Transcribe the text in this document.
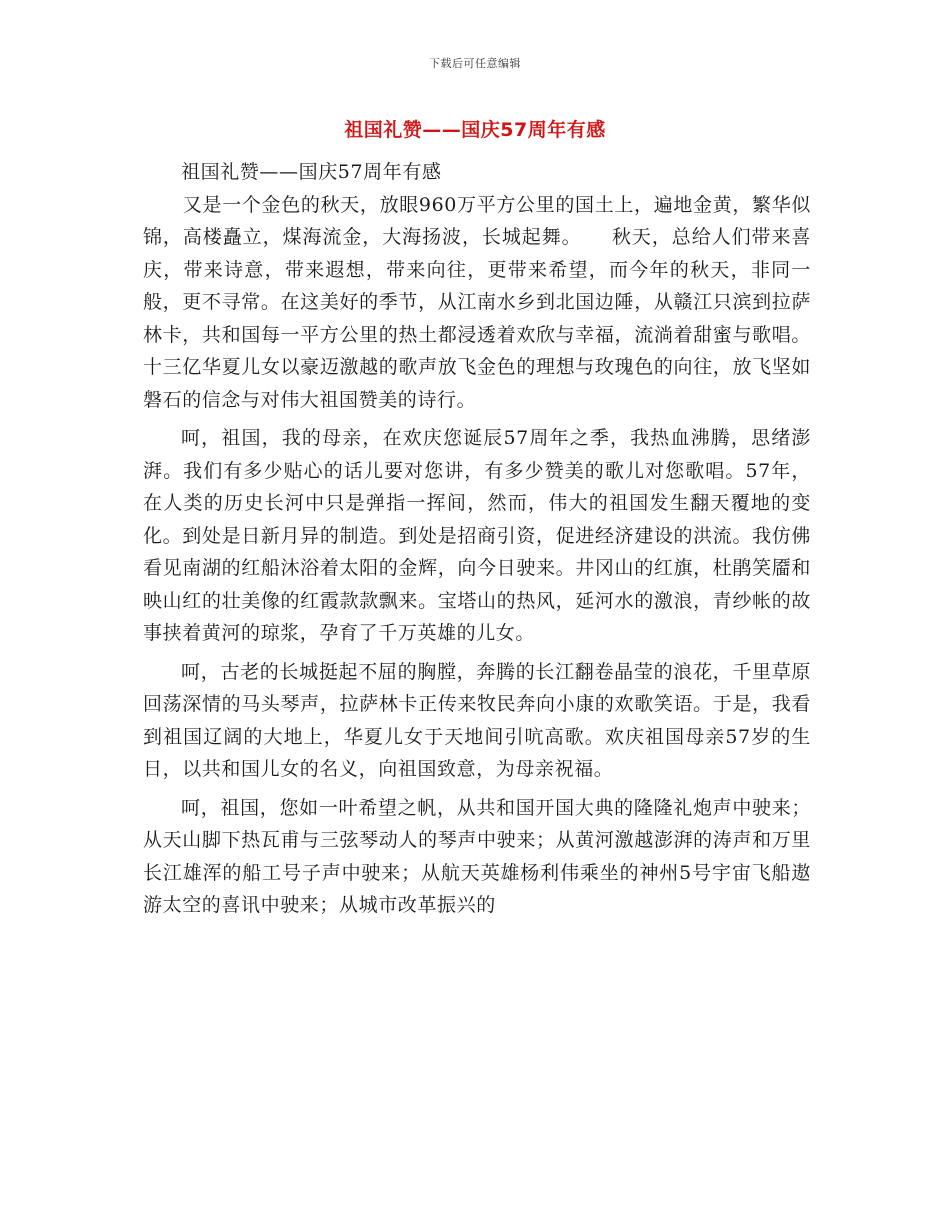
下载后可任意编辑
祖国礼赞——国庆57周年有感

祖国礼赞——国庆57周年有感

又是一个金色的秋天，放眼960万平方公里的国土上，遍地金黄，繁华似锦，高楼矗立，煤海流金，大海扬波，长城起舞。　　秋天，总给人们带来喜庆，带来诗意，带来遐想，带来向往，更带来希望，而今年的秋天，非同一般，更不寻常。在这美好的季节，从江南水乡到北国边陲，从赣江只滨到拉萨林卡，共和国每一平方公里的热土都浸透着欢欣与幸福，流淌着甜蜜与歌唱。十三亿华夏儿女以豪迈激越的歌声放飞金色的理想与玫瑰色的向往，放飞坚如磐石的信念与对伟大祖国赞美的诗行。

呵，祖国，我的母亲，在欢庆您诞辰57周年之季，我热血沸腾，思绪澎湃。我们有多少贴心的话儿要对您讲，有多少赞美的歌儿对您歌唱。57年，在人类的历史长河中只是弹指一挥间，然而，伟大的祖国发生翻天覆地的变化。到处是日新月异的制造。到处是招商引资，促进经济建设的洪流。我仿佛看见南湖的红船沐浴着太阳的金辉，向今日驶来。井冈山的红旗，杜鹃笑靥和映山红的壮美像的红霞款款飘来。宝塔山的热风，延河水的激浪，青纱帐的故事挟着黄河的琼浆，孕育了千万英雄的儿女。

呵，古老的长城挺起不屈的胸膛，奔腾的长江翻卷晶莹的浪花，千里草原回荡深情的马头琴声，拉萨林卡正传来牧民奔向小康的欢歌笑语。于是，我看到祖国辽阔的大地上，华夏儿女于天地间引吭高歌。欢庆祖国母亲57岁的生日，以共和国儿女的名义，向祖国致意，为母亲祝福。

呵，祖国，您如一叶希望之帆，从共和国开国大典的隆隆礼炮声中驶来；从天山脚下热瓦甫与三弦琴动人的琴声中驶来；从黄河激越澎湃的涛声和万里长江雄浑的船工号子声中驶来；从航天英雄杨利伟乘坐的神州5号宇宙飞船遨游太空的喜讯中驶来；从城市改革振兴的
